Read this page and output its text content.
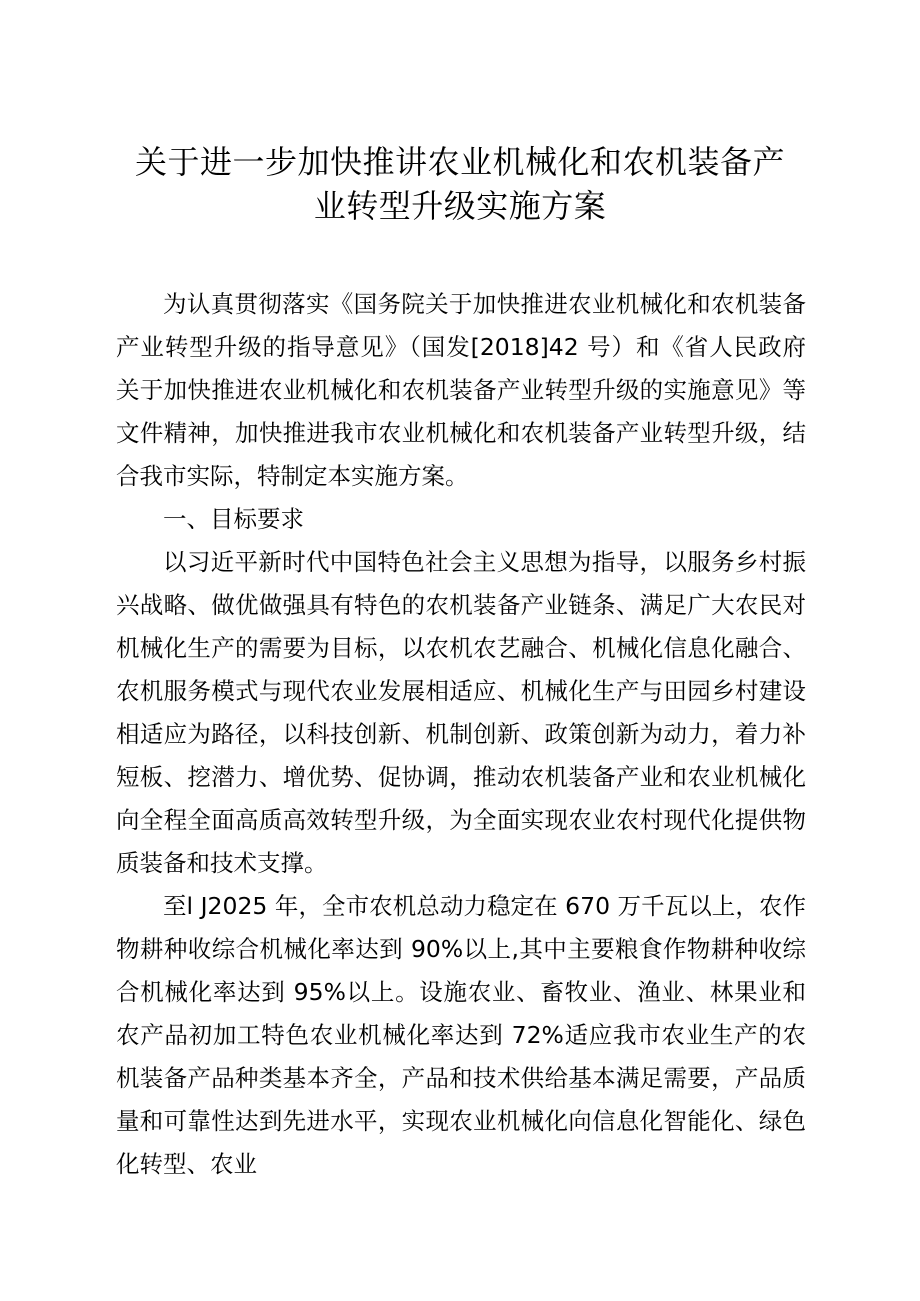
关于进一步加快推讲农业机械化和农机装备产
业转型升级实施方案

为认真贯彻落实《国务院关于加快推进农业机械化和农机装备产业转型升级的指导意见》（国发[2018]42 号）和《省人民政府关于加快推进农业机械化和农机装备产业转型升级的实施意见》等文件精神，加快推进我市农业机械化和农机装备产业转型升级，结合我市实际，特制定本实施方案。

一、目标要求

以习近平新时代中国特色社会主义思想为指导，以服务乡村振兴战略、做优做强具有特色的农机装备产业链条、满足广大农民对机械化生产的需要为目标，以农机农艺融合、机械化信息化融合、农机服务模式与现代农业发展相适应、机械化生产与田园乡村建设相适应为路径，以科技创新、机制创新、政策创新为动力，着力补短板、挖潜力、增优势、促协调，推动农机装备产业和农业机械化向全程全面高质高效转型升级，为全面实现农业农村现代化提供物质装备和技术支撑。

至l J2025 年，全市农机总动力稳定在 670 万千瓦以上，农作物耕种收综合机械化率达到 90%以上,其中主要粮食作物耕种收综合机械化率达到 95%以上。设施农业、畜牧业、渔业、林果业和农产品初加工特色农业机械化率达到 72%适应我市农业生产的农机装备产品种类基本齐全，产品和技术供给基本满足需要，产品质量和可靠性达到先进水平，实现农业机械化向信息化智能化、绿色化转型、农业
